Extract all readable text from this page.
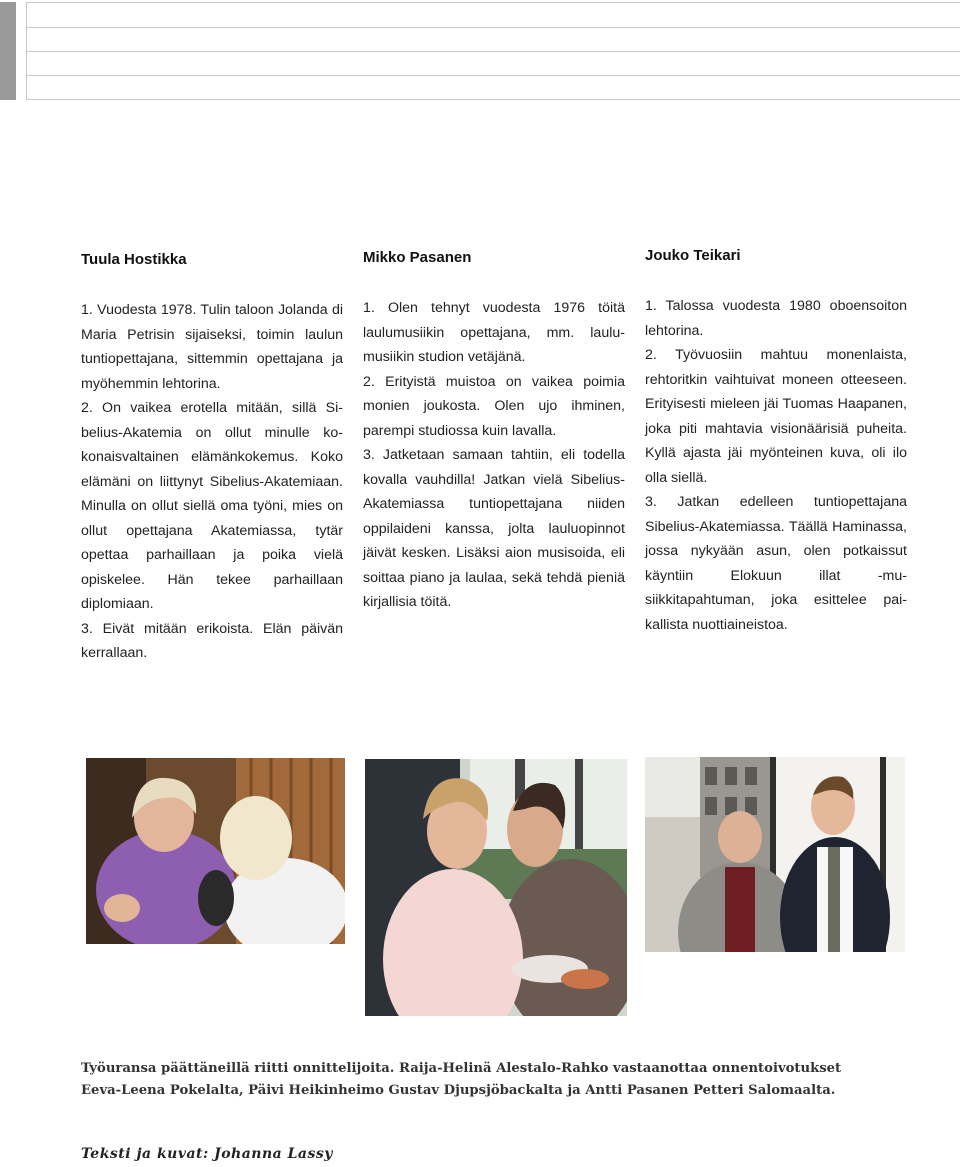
Tuula Hostikka

1. Vuodesta 1978. Tulin taloon Jolanda di Maria Petrisin sijaiseksi, toimin laulun tuntiopettajana, sittemmin opettajana ja myöhemmin lehtorina.

2. On vaikea erotella mitään, sillä Sibelius-Akatemia on ollut minulle kokonaisvaltainen elämänkokemus. Koko elämäni on liittynyt Sibelius-Akatemiaan. Minulla on ollut siellä oma työni, mies on ollut opettajana Akatemiassa, tytär opettaa parhaillaan ja poika vielä opiskelee. Hän tekee parhaillaan diplomiaan.

3. Eivät mitään erikoista. Elän päivän kerrallaan.

Mikko Pasanen

1. Olen tehnyt vuodesta 1976 töitä laulumusiikin opettajana, mm. laulumusiikin studion vetäjänä.

2. Erityistä muistoa on vaikea poimia monien joukosta. Olen ujo ihminen, parempi studiossa kuin lavalla.

3. Jatketaan samaan tahtiin, eli todella kovalla vauhdilla! Jatkan vielä Sibelius-Akatemiassa tuntiopettajana niiden oppilaideni kanssa, jolta lauluopinnot jäivät kesken. Lisäksi aion musisoida, eli soittaa piano ja laulaa, sekä tehdä pieniä kirjallisia töitä.

Jouko Teikari

1. Talossa vuodesta 1980 oboensoiton lehtorina.

2. Työvuosiin mahtuu monenlaista, rehtoritkin vaihtuivat moneen otteeseen. Erityisesti mieleen jäi Tuomas Haapanen, joka piti mahtavia visionäärisiä puheita. Kyllä ajasta jäi myönteinen kuva, oli ilo olla siellä.

3. Jatkan edelleen tuntiopettajana Sibelius-Akatemiassa. Täällä Haminassa, jossa nykyään asun, olen potkaissut käyntiin Elokuun illat -musiikkitapahtuman, joka esittelee paikallista nuottiaineistoa.

Työuransa päättäneillä riitti onnittelijoita. Raija-Helinä Alestalo-Rahko vastaanottaa onnentoivotukset Eeva-Leena Pokelalta, Päivi Heikinheimo Gustav Djupsjöbackalta ja Antti Pasanen Petteri Salomaalta.
Teksti ja kuvat: Johanna Lassy
